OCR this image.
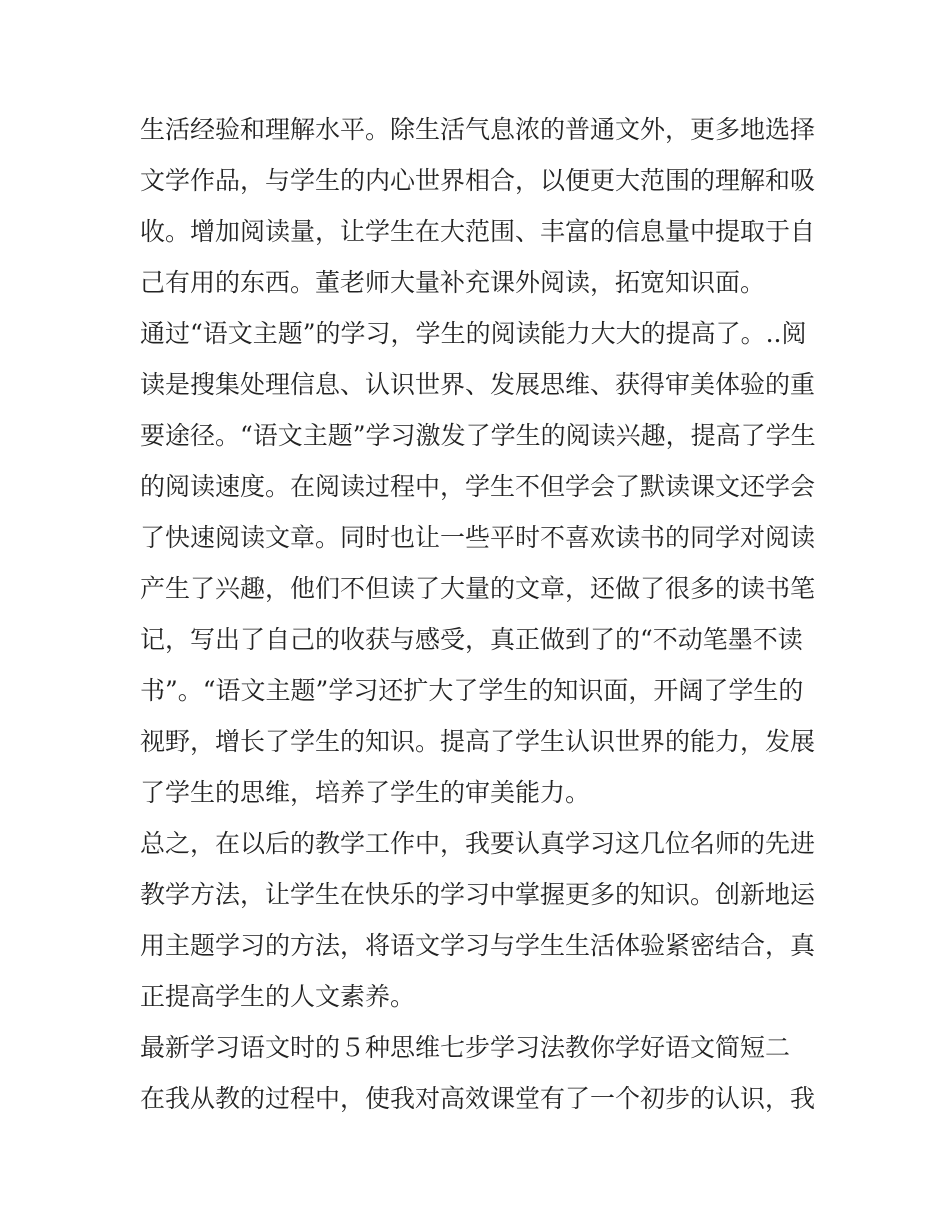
生活经验和理解水平。除生活气息浓的普通文外，更多地选择
文学作品，与学生的内心世界相合，以便更大范围的理解和吸
收。增加阅读量，让学生在大范围、丰富的信息量中提取于自
己有用的东西。董老师大量补充课外阅读，拓宽知识面。
通过“语文主题”的学习，学生的阅读能力大大的提高了。..阅
读是搜集处理信息、认识世界、发展思维、获得审美体验的重
要途径。“语文主题”学习激发了学生的阅读兴趣，提高了学生
的阅读速度。在阅读过程中，学生不但学会了默读课文还学会
了快速阅读文章。同时也让一些平时不喜欢读书的同学对阅读
产生了兴趣，他们不但读了大量的文章，还做了很多的读书笔
记，写出了自己的收获与感受，真正做到了的“不动笔墨不读
书”。“语文主题”学习还扩大了学生的知识面，开阔了学生的
视野，增长了学生的知识。提高了学生认识世界的能力，发展
了学生的思维，培养了学生的审美能力。
总之，在以后的教学工作中，我要认真学习这几位名师的先进
教学方法，让学生在快乐的学习中掌握更多的知识。创新地运
用主题学习的方法，将语文学习与学生生活体验紧密结合，真
正提高学生的人文素养。
最新学习语文时的５种思维七步学习法教你学好语文简短二
在我从教的过程中，使我对高效课堂有了一个初步的认识，我
